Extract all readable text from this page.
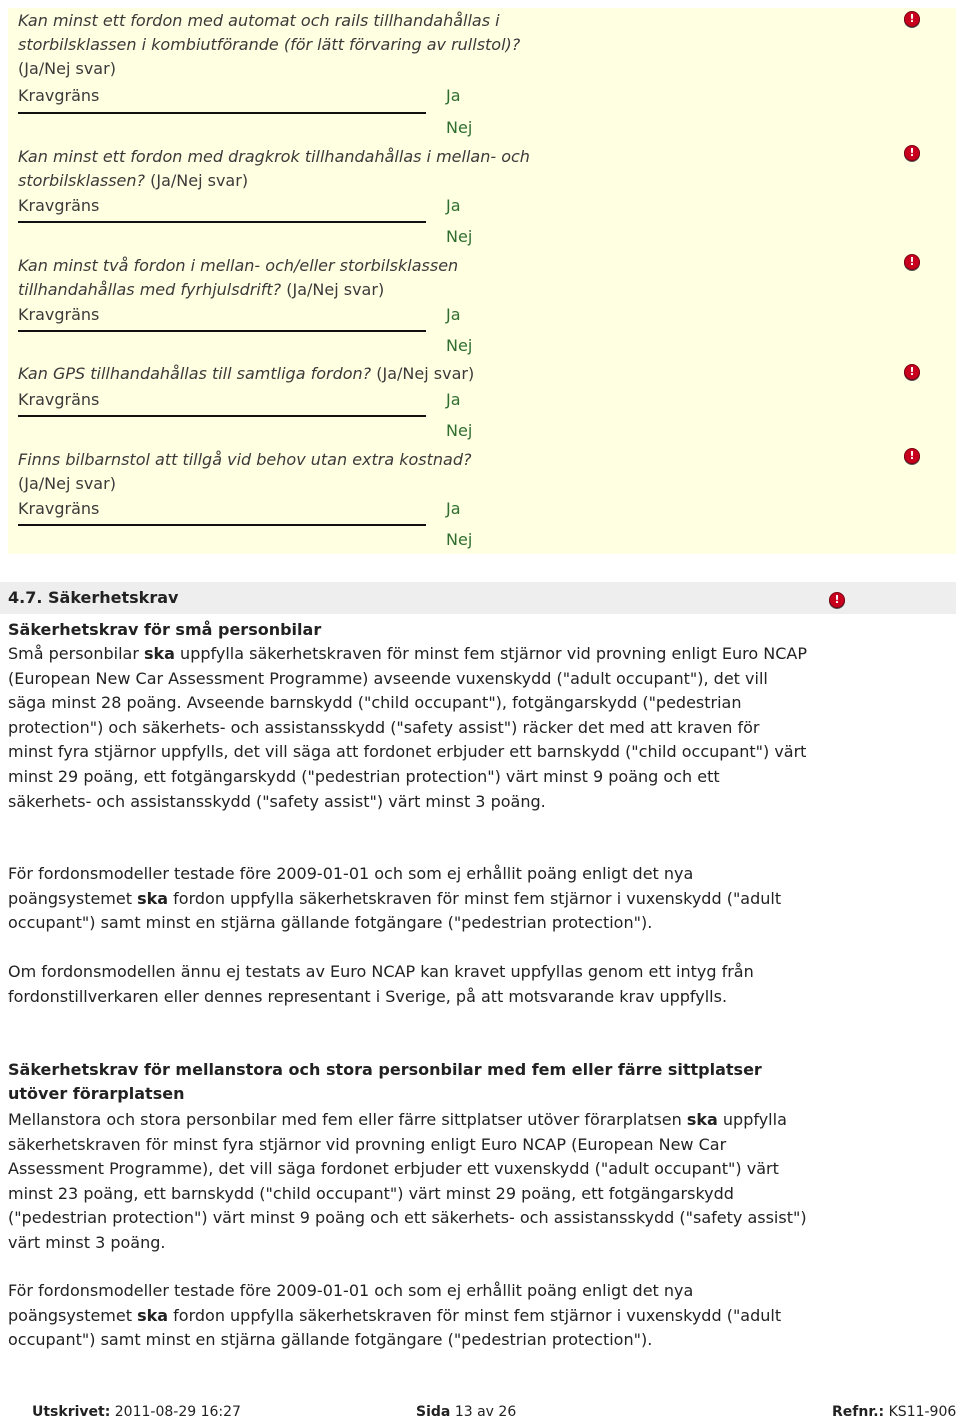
Kan minst ett fordon med automat och rails tillhandahållas i
storbilsklassen i kombiutförande (för lätt förvaring av rullstol)?
(Ja/Nej svar)
Kravgräns	Ja
Nej
!
Kan minst ett fordon med dragkrok tillhandahållas i mellan- och
storbilsklassen? (Ja/Nej svar)
Kravgräns	Ja
Nej
!
Kan minst två fordon i mellan- och/eller storbilsklassen
tillhandahållas med fyrhjulsdrift? (Ja/Nej svar)
Kravgräns	Ja
Nej
!
Kan GPS tillhandahållas till samtliga fordon? (Ja/Nej svar)
Kravgräns	Ja
Nej
!
Finns bilbarnstol att tillgå vid behov utan extra kostnad?
(Ja/Nej svar)
Kravgräns	Ja
Nej
!
4.7. Säkerhetskrav	!
Säkerhetskrav för små personbilar
Små personbilar ska uppfylla säkerhetskraven för minst fem stjärnor vid provning enligt Euro NCAP (European New Car Assessment Programme) avseende vuxenskydd ("adult occupant"), det vill säga minst 28 poäng. Avseende barnskydd ("child occupant"), fotgängarskydd ("pedestrian protection") och säkerhets- och assistansskydd ("safety assist") räcker det med att kraven för minst fyra stjärnor uppfylls, det vill säga att fordonet erbjuder ett barnskydd ("child occupant") värt minst 29 poäng, ett fotgängarskydd ("pedestrian protection") värt minst 9 poäng och ett säkerhets- och assistansskydd ("safety assist") värt minst 3 poäng.
För fordonsmodeller testade före 2009-01-01 och som ej erhållit poäng enligt det nya poängsystemet ska fordon uppfylla säkerhetskraven för minst fem stjärnor i vuxenskydd ("adult occupant") samt minst en stjärna gällande fotgängare ("pedestrian protection").
Om fordonsmodellen ännu ej testats av Euro NCAP kan kravet uppfyllas genom ett intyg från fordonstillverkaren eller dennes representant i Sverige, på att motsvarande krav uppfylls.
Säkerhetskrav för mellanstora och stora personbilar med fem eller färre sittplatser utöver förarplatsen
Mellanstora och stora personbilar med fem eller färre sittplatser utöver förarplatsen ska uppfylla säkerhetskraven för minst fyra stjärnor vid provning enligt Euro NCAP (European New Car Assessment Programme), det vill säga fordonet erbjuder ett vuxenskydd ("adult occupant") värt minst 23 poäng, ett barnskydd ("child occupant") värt minst 29 poäng, ett fotgängarskydd ("pedestrian protection") värt minst 9 poäng och ett säkerhets- och assistansskydd ("safety assist") värt minst 3 poäng.
För fordonsmodeller testade före 2009-01-01 och som ej erhållit poäng enligt det nya poängsystemet ska fordon uppfylla säkerhetskraven för minst fem stjärnor i vuxenskydd ("adult occupant") samt minst en stjärna gällande fotgängare ("pedestrian protection").
Utskrivet: 2011-08-29 16:27	Sida 13 av 26	Refnr.: KS11-906
